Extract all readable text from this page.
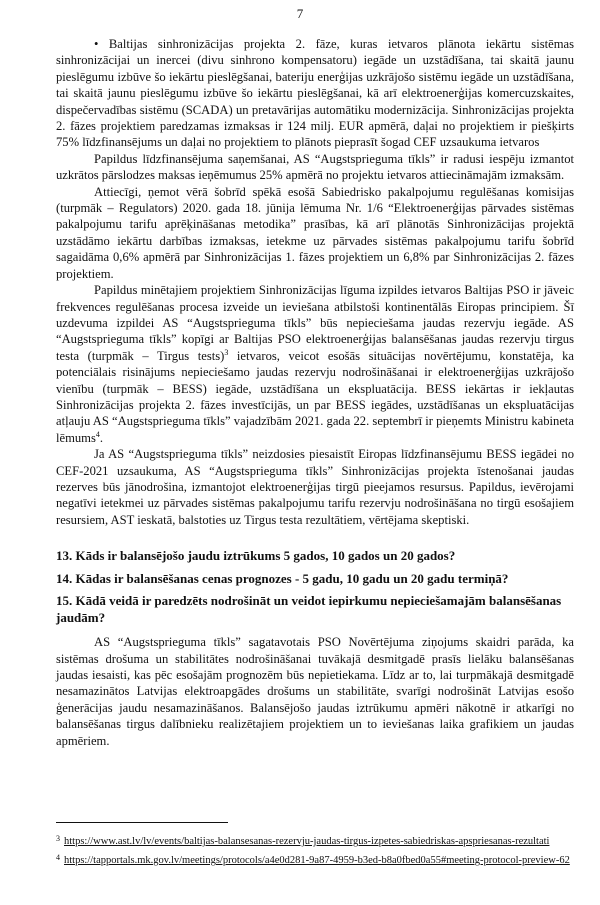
7

• Baltijas sinhronizācijas projekta 2. fāze, kuras ietvaros plānota iekārtu sistēmas sinhronizācijai un inercei (divu sinhrono kompensatoru) iegāde un uzstādīšana, tai skaitā jaunu pieslēgumu izbūve šo iekārtu pieslēgšanai, bateriju enerģijas uzkrājošo sistēmu iegāde un uzstādīšana, tai skaitā jaunu pieslēgumu izbūve šo iekārtu pieslēgšanai, kā arī elektroenerģijas komercuzskaites, dispečervadības sistēmu (SCADA) un pretavārijas automātiku modernizācija. Sinhronizācijas projekta 2. fāzes projektiem paredzamas izmaksas ir 124 milj. EUR apmērā, daļai no projektiem ir piešķirts 75% līdzfinansējums un daļai no projektiem to plānots pieprasīt šogad CEF uzsaukuma ietvaros

Papildus līdzfinansējuma saņemšanai, AS “Augstsprieguma tīkls” ir radusi iespēju izmantot uzkrātos pārslodzes maksas ieņēmumus 25% apmērā no projektu ietvaros attiecināmajām izmaksām.

Attiecīgi, ņemot vērā šobrīd spēkā esošā Sabiedrisko pakalpojumu regulēšanas komisijas (turpmāk – Regulators) 2020. gada 18. jūnija lēmuma Nr. 1/6 “Elektroenerģijas pārvades sistēmas pakalpojumu tarifu aprēķināšanas metodika” prasības, kā arī plānotās Sinhronizācijas projektā uzstādāmo iekārtu darbības izmaksas, ietekme uz pārvades sistēmas pakalpojumu tarifu šobrīd sagaidāma 0,6% apmērā par Sinhronizācijas 1. fāzes projektiem un 6,8% par Sinhronizācijas 2. fāzes projektiem.

Papildus minētajiem projektiem Sinhronizācijas līguma izpildes ietvaros Baltijas PSO ir jāveic frekvences regulēšanas procesa izveide un ieviešana atbilstoši kontinentālās Eiropas principiem. Šī uzdevuma izpildei AS “Augstsprieguma tīkls” būs nepieciešama jaudas rezervju iegāde. AS “Augstsprieguma tīkls” kopīgi ar Baltijas PSO elektroenerģijas balansēšanas jaudas rezervju tirgus testa (turpmāk – Tirgus tests)$^3$ ietvaros, veicot esošās situācijas novērtējumu, konstatēja, ka potenciālais risinājums nepieciešamo jaudas rezervju nodrošināšanai ir elektroenerģijas uzkrājošo vienību (turpmāk – BESS) iegāde, uzstādīšana un ekspluatācija. BESS iekārtas ir iekļautas Sinhronizācijas projekta 2. fāzes investīcijās, un par BESS iegādes, uzstādīšanas un ekspluatācijas atļauju AS “Augstsprieguma tīkls” vajadzībām 2021. gada 22. septembrī ir pieņemts Ministru kabineta lēmums$^4$.

Ja AS “Augstsprieguma tīkls” neizdosies piesaistīt Eiropas līdzfinansējumu BESS iegādei no CEF-2021 uzsaukuma, AS “Augstsprieguma tīkls” Sinhronizācijas projekta īstenošanai jaudas rezerves būs jānodrošina, izmantojot elektroenerģijas tirgū pieejamos resursus. Papildus, ievērojami negatīvi ietekmei uz pārvades sistēmas pakalpojumu tarifu rezervju nodrošināšana no tirgū esošajiem resursiem, AST ieskatā, balstoties uz Tirgus testa rezultātiem, vērtējama skeptiski.

13. Kāds ir balansējošo jaudu iztrūkums 5 gados, 10 gados un 20 gados?

14. Kādas ir balansēšanas cenas prognozes - 5 gadu, 10 gadu un 20 gadu termiņā?

15. Kādā veidā ir paredzēts nodrošināt un veidot iepirkumu nepieciešamajām balansēšanas jaudām?

AS “Augstsprieguma tīkls” sagatavotais PSO Novērtējuma ziņojums skaidri parāda, ka sistēmas drošuma un stabilitātes nodrošināšanai tuvākajā desmitgadē prasīs lielāku balansēšanas jaudas iesaisti, kas pēc esošajām prognozēm būs nepietiekama. Līdz ar to, lai turpmākajā desmitgadē nesamazinātos Latvijas elektroapgādes drošums un stabilitāte, svarīgi nodrošināt Latvijas esošo ģenerācijas jaudu nesamazināšanos. Balansējošo jaudas iztrūkumu apmēri nākotnē ir atkarīgi no balansēšanas tirgus dalībnieku realizētajiem projektiem un to ieviešanas laika grafikiem un jaudas apmēriem.

$^3$ https://www.ast.lv/lv/events/baltijas-balansesanas-rezervju-jaudas-tirgus-izpetes-sabiedriskas-apspriesanas-rezultati

$^4$ https://tapportals.mk.gov.lv/meetings/protocols/a4e0d281-9a87-4959-b3ed-b8a0fbed0a55#meeting-protocol-preview-62
